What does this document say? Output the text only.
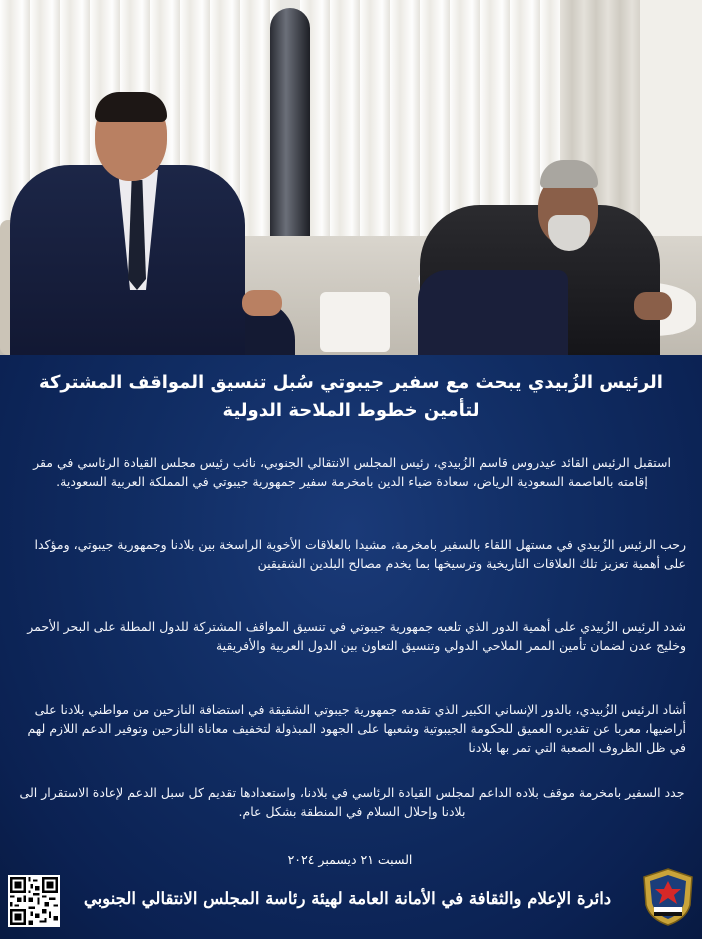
الرئيس الزُبيدي يبحث مع سفير جيبوتي سُبل تنسيق المواقف المشتركة لتأمين خطوط الملاحة الدولية
استقبل الرئيس القائد عيدروس قاسم الزُبيدي، رئيس المجلس الانتقالي الجنوبي، نائب رئيس مجلس القيادة الرئاسي في مقر إقامته بالعاصمة السعودية الرياض، سعادة ضياء الدين بامخرمة سفير جمهورية جيبوتي في المملكة العربية السعودية.
رحب الرئيس الزُبيدي في مستهل اللقاء بالسفير بامخرمة، مشيدا بالعلاقات الأخوية الراسخة بين بلادنا وجمهورية جيبوتي، ومؤكدا على أهمية تعزيز تلك العلاقات التاريخية وترسيخها بما يخدم مصالح البلدين الشقيقين
شدد الرئيس الزُبيدي على أهمية الدور الذي تلعبه جمهورية جيبوتي في تنسيق المواقف المشتركة للدول المطلة على البحر الأحمر وخليج عدن لضمان تأمين الممر الملاحي الدولي وتنسيق التعاون بين الدول العربية والأفريقية
أشاد الرئيس الزُبيدي، بالدور الإنساني الكبير الذي تقدمه جمهورية جيبوتي الشقيقة في استضافة النازحين من مواطني بلادنا على أراضيها، معربا عن تقديره العميق للحكومة الجيبوتية وشعبها على الجهود المبذولة لتخفيف معاناة النازحين وتوفير الدعم اللازم لهم في ظل الظروف الصعبة التي تمر بها بلادنا
جدد السفير بامخرمة موقف بلاده الداعم لمجلس القيادة الرئاسي في بلادنا، واستعدادها تقديم كل سبل الدعم لإعادة الاستقرار الى بلادنا وإحلال السلام في المنطقة بشكل عام.
السبت ٢١ ديسمبر ٢٠٢٤
دائرة الإعلام والثقافة في الأمانة العامة لهيئة رئاسة المجلس الانتقالي الجنوبي
